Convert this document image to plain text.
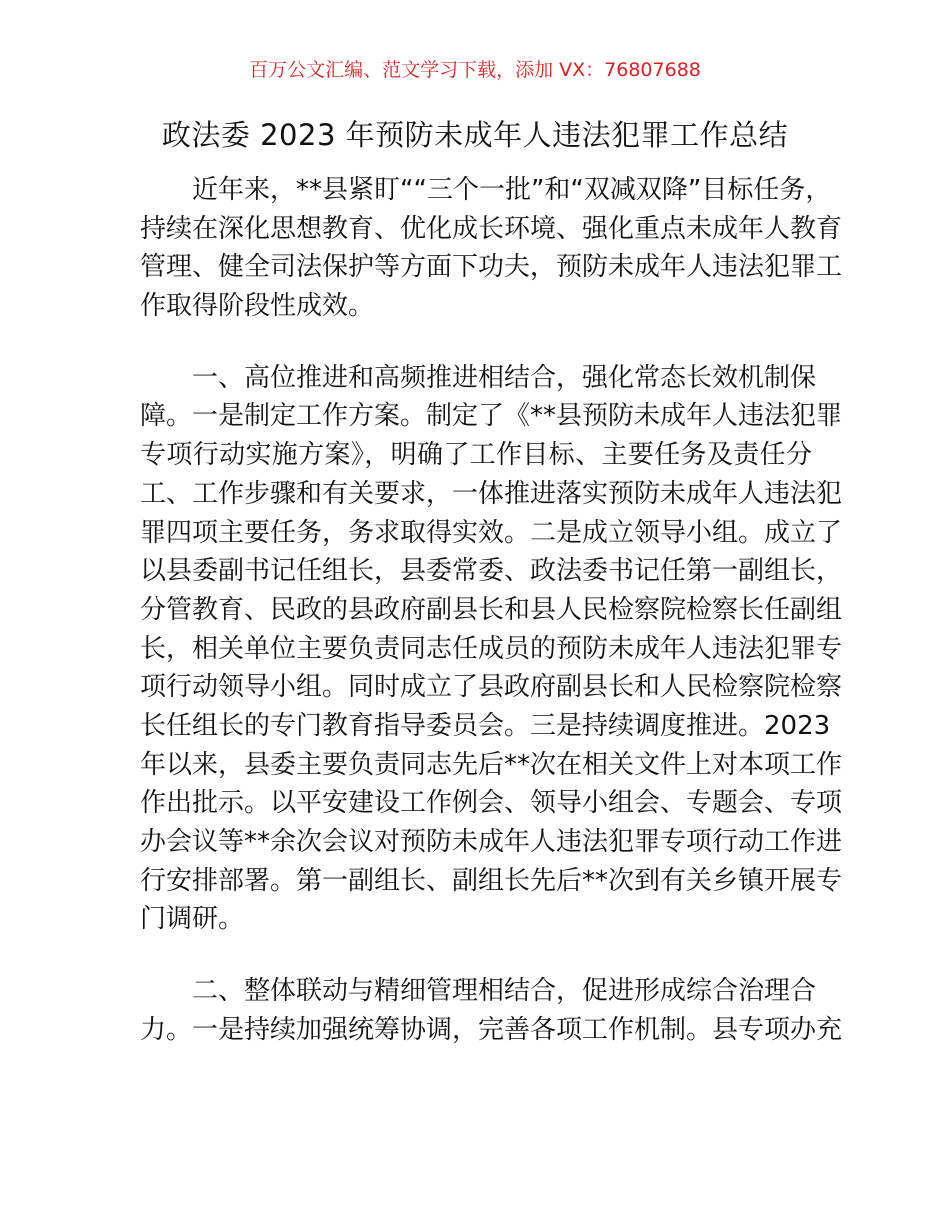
百万公文汇编、范文学习下载，添加 VX：76807688
政法委 2023 年预防未成年人违法犯罪工作总结
近年来，**县紧盯““三个一批”和“双减双降”目标任务，
持续在深化思想教育、优化成长环境、强化重点未成年人教育
管理、健全司法保护等方面下功夫，预防未成年人违法犯罪工
作取得阶段性成效。
一、高位推进和高频推进相结合，强化常态长效机制保
障。一是制定工作方案。制定了《**县预防未成年人违法犯罪
专项行动实施方案》，明确了工作目标、主要任务及责任分
工、工作步骤和有关要求，一体推进落实预防未成年人违法犯
罪四项主要任务，务求取得实效。二是成立领导小组。成立了
以县委副书记任组长，县委常委、政法委书记任第一副组长，
分管教育、民政的县政府副县长和县人民检察院检察长任副组
长，相关单位主要负责同志任成员的预防未成年人违法犯罪专
项行动领导小组。同时成立了县政府副县长和人民检察院检察
长任组长的专门教育指导委员会。三是持续调度推进。2023
年以来，县委主要负责同志先后**次在相关文件上对本项工作
作出批示。以平安建设工作例会、领导小组会、专题会、专项
办会议等**余次会议对预防未成年人违法犯罪专项行动工作进
行安排部署。第一副组长、副组长先后**次到有关乡镇开展专
门调研。
二、整体联动与精细管理相结合，促进形成综合治理合
力。一是持续加强统筹协调，完善各项工作机制。县专项办充
